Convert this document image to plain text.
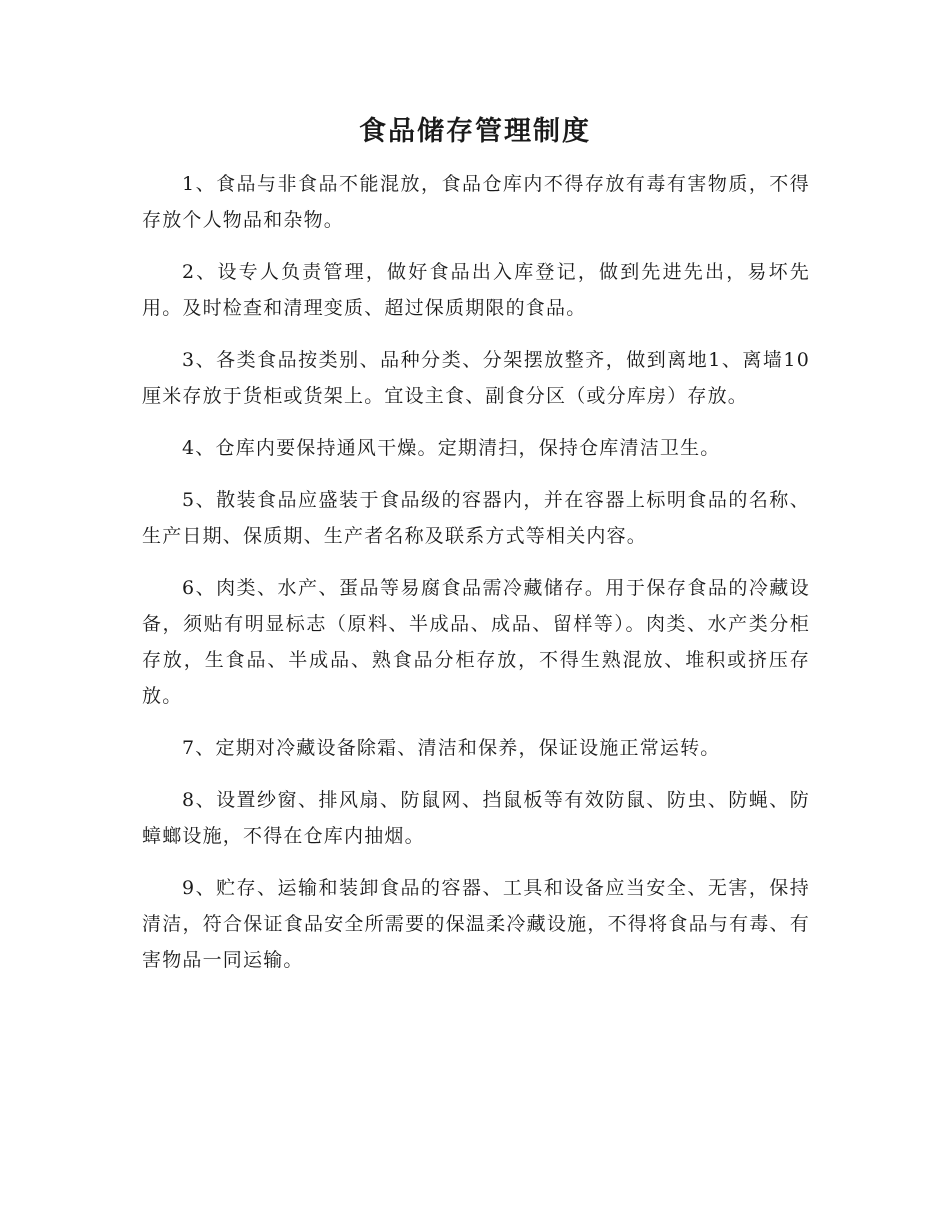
食品储存管理制度

1、食品与非食品不能混放，食品仓库内不得存放有毒有害物质，不得存放个人物品和杂物。

2、设专人负责管理，做好食品出入库登记，做到先进先出，易坏先用。及时检查和清理变质、超过保质期限的食品。

3、各类食品按类别、品种分类、分架摆放整齐，做到离地1、离墙10厘米存放于货柜或货架上。宜设主食、副食分区（或分库房）存放。

4、仓库内要保持通风干燥。定期清扫，保持仓库清洁卫生。

5、散装食品应盛装于食品级的容器内，并在容器上标明食品的名称、生产日期、保质期、生产者名称及联系方式等相关内容。

6、肉类、水产、蛋品等易腐食品需冷藏储存。用于保存食品的冷藏设备，须贴有明显标志（原料、半成品、成品、留样等）。肉类、水产类分柜存放，生食品、半成品、熟食品分柜存放，不得生熟混放、堆积或挤压存放。

7、定期对冷藏设备除霜、清洁和保养，保证设施正常运转。

8、设置纱窗、排风扇、防鼠网、挡鼠板等有效防鼠、防虫、防蝇、防蟑螂设施，不得在仓库内抽烟。

9、贮存、运输和装卸食品的容器、工具和设备应当安全、无害，保持清洁，符合保证食品安全所需要的保温柔冷藏设施，不得将食品与有毒、有害物品一同运输。
